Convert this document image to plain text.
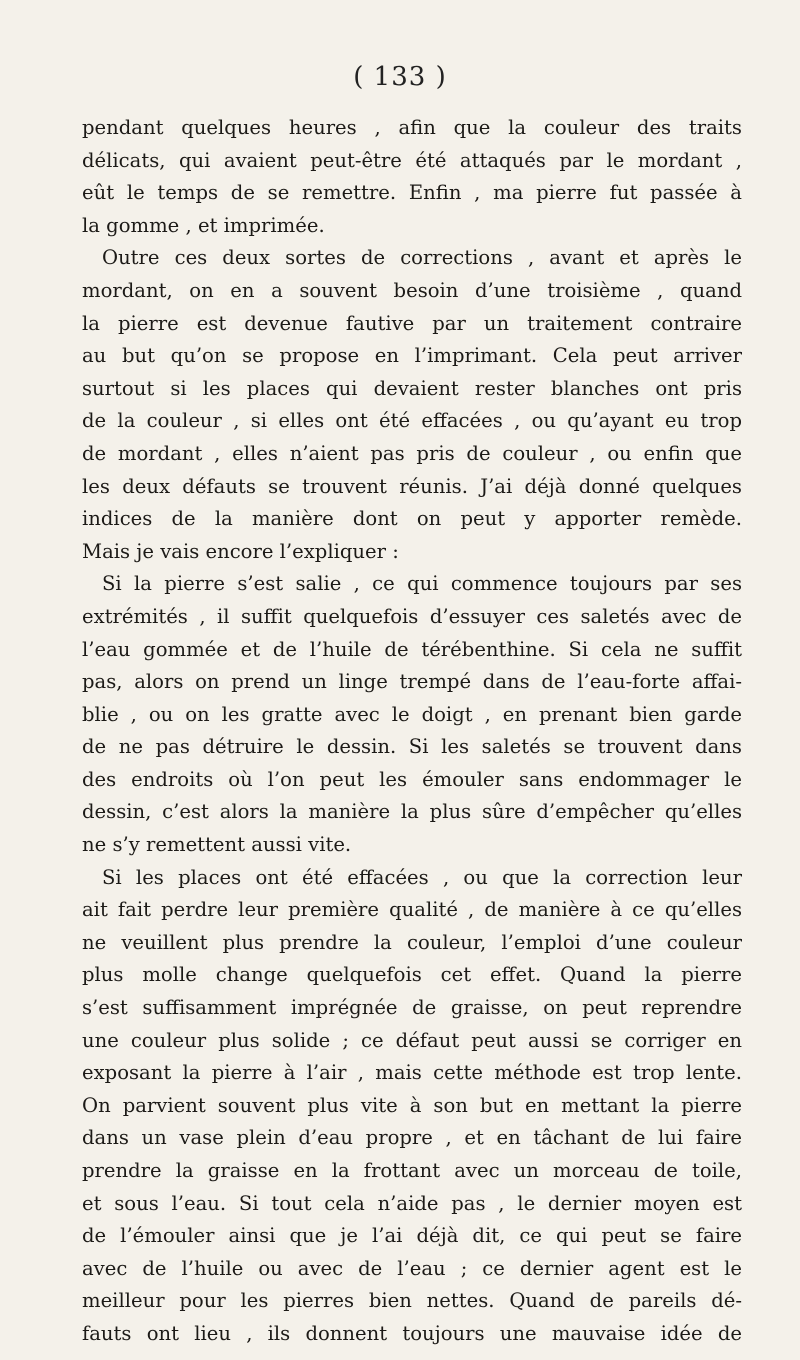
( 133 )
pendant quelques heures , afin que la couleur des traits
délicats, qui avaient peut-être été attaqués par le mordant ,
eût le temps de se remettre. Enfin , ma pierre fut passée à
la gomme , et imprimée.
Outre ces deux sortes de corrections , avant et après le
mordant, on en a souvent besoin d’une troisième , quand
la pierre est devenue fautive par un traitement contraire
au but qu’on se propose en l’imprimant. Cela peut arriver
surtout si les places qui devaient rester blanches ont pris
de la couleur , si elles ont été effacées , ou qu’ayant eu trop
de mordant , elles n’aient pas pris de couleur , ou enfin que
les deux défauts se trouvent réunis. J’ai déjà donné quelques
indices de la manière dont on peut y apporter remède.
Mais je vais encore l’expliquer :
Si la pierre s’est salie , ce qui commence toujours par ses
extrémités , il suffit quelquefois d’essuyer ces saletés avec de
l’eau gommée et de l’huile de térébenthine. Si cela ne suffit
pas, alors on prend un linge trempé dans de l’eau-forte affai-
blie , ou on les gratte avec le doigt , en prenant bien garde
de ne pas détruire le dessin. Si les saletés se trouvent dans
des endroits où l’on peut les émouler sans endommager le
dessin, c’est alors la manière la plus sûre d’empêcher qu’elles
ne s’y remettent aussi vite.
Si les places ont été effacées , ou que la correction leur
ait fait perdre leur première qualité , de manière à ce qu’elles
ne veuillent plus prendre la couleur, l’emploi d’une couleur
plus molle change quelquefois cet effet. Quand la pierre
s’est suffisamment imprégnée de graisse, on peut reprendre
une couleur plus solide ; ce défaut peut aussi se corriger en
exposant la pierre à l’air , mais cette méthode est trop lente.
On parvient souvent plus vite à son but en mettant la pierre
dans un vase plein d’eau propre , et en tâchant de lui faire
prendre la graisse en la frottant avec un morceau de toile,
et sous l’eau. Si tout cela n’aide pas , le dernier moyen est
de l’émouler ainsi que je l’ai déjà dit, ce qui peut se faire
avec de l’huile ou avec de l’eau ; ce dernier agent est le
meilleur pour les pierres bien nettes. Quand de pareils dé-
fauts ont lieu , ils donnent toujours une mauvaise idée de
